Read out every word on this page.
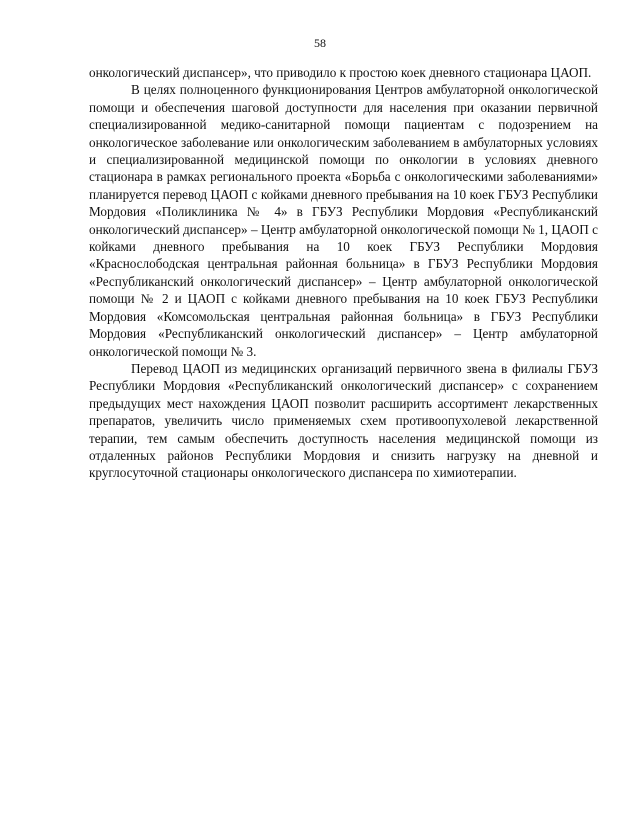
58

онкологический диспансер», что приводило к простою коек дневного стационара ЦАОП.

В целях полноценного функционирования Центров амбулаторной онкологической помощи и обеспечения шаговой доступности для населения при оказании первичной специализированной медико-санитарной помощи пациентам с подозрением на онкологическое заболевание или онкологическим заболеванием в амбулаторных условиях и специализированной медицинской помощи по онкологии в условиях дневного стационара в рамках регионального проекта «Борьба с онкологическими заболеваниями» планируется перевод ЦАОП с койками дневного пребывания на 10 коек ГБУЗ Республики Мордовия «Поликлиника № 4» в ГБУЗ Республики Мордовия «Республиканский онкологический диспансер» – Центр амбулаторной онкологической помощи № 1, ЦАОП с койками дневного пребывания на 10 коек ГБУЗ Республики Мордовия «Краснослободская центральная районная больница» в ГБУЗ Республики Мордовия «Республиканский онкологический диспансер» – Центр амбулаторной онкологической помощи № 2 и ЦАОП с койками дневного пребывания на 10 коек ГБУЗ Республики Мордовия «Комсомольская центральная районная больница» в ГБУЗ Республики Мордовия «Республиканский онкологический диспансер» – Центр амбулаторной онкологической помощи № 3.

Перевод ЦАОП из медицинских организаций первичного звена в филиалы ГБУЗ Республики Мордовия «Республиканский онкологический диспансер» с сохранением предыдущих мест нахождения ЦАОП позволит расширить ассортимент лекарственных препаратов, увеличить число применяемых схем противоопухолевой лекарственной терапии, тем самым обеспечить доступность населения медицинской помощи из отдаленных районов Республики Мордовия и снизить нагрузку на дневной и круглосуточной стационары онкологического диспансера по химиотерапии.
